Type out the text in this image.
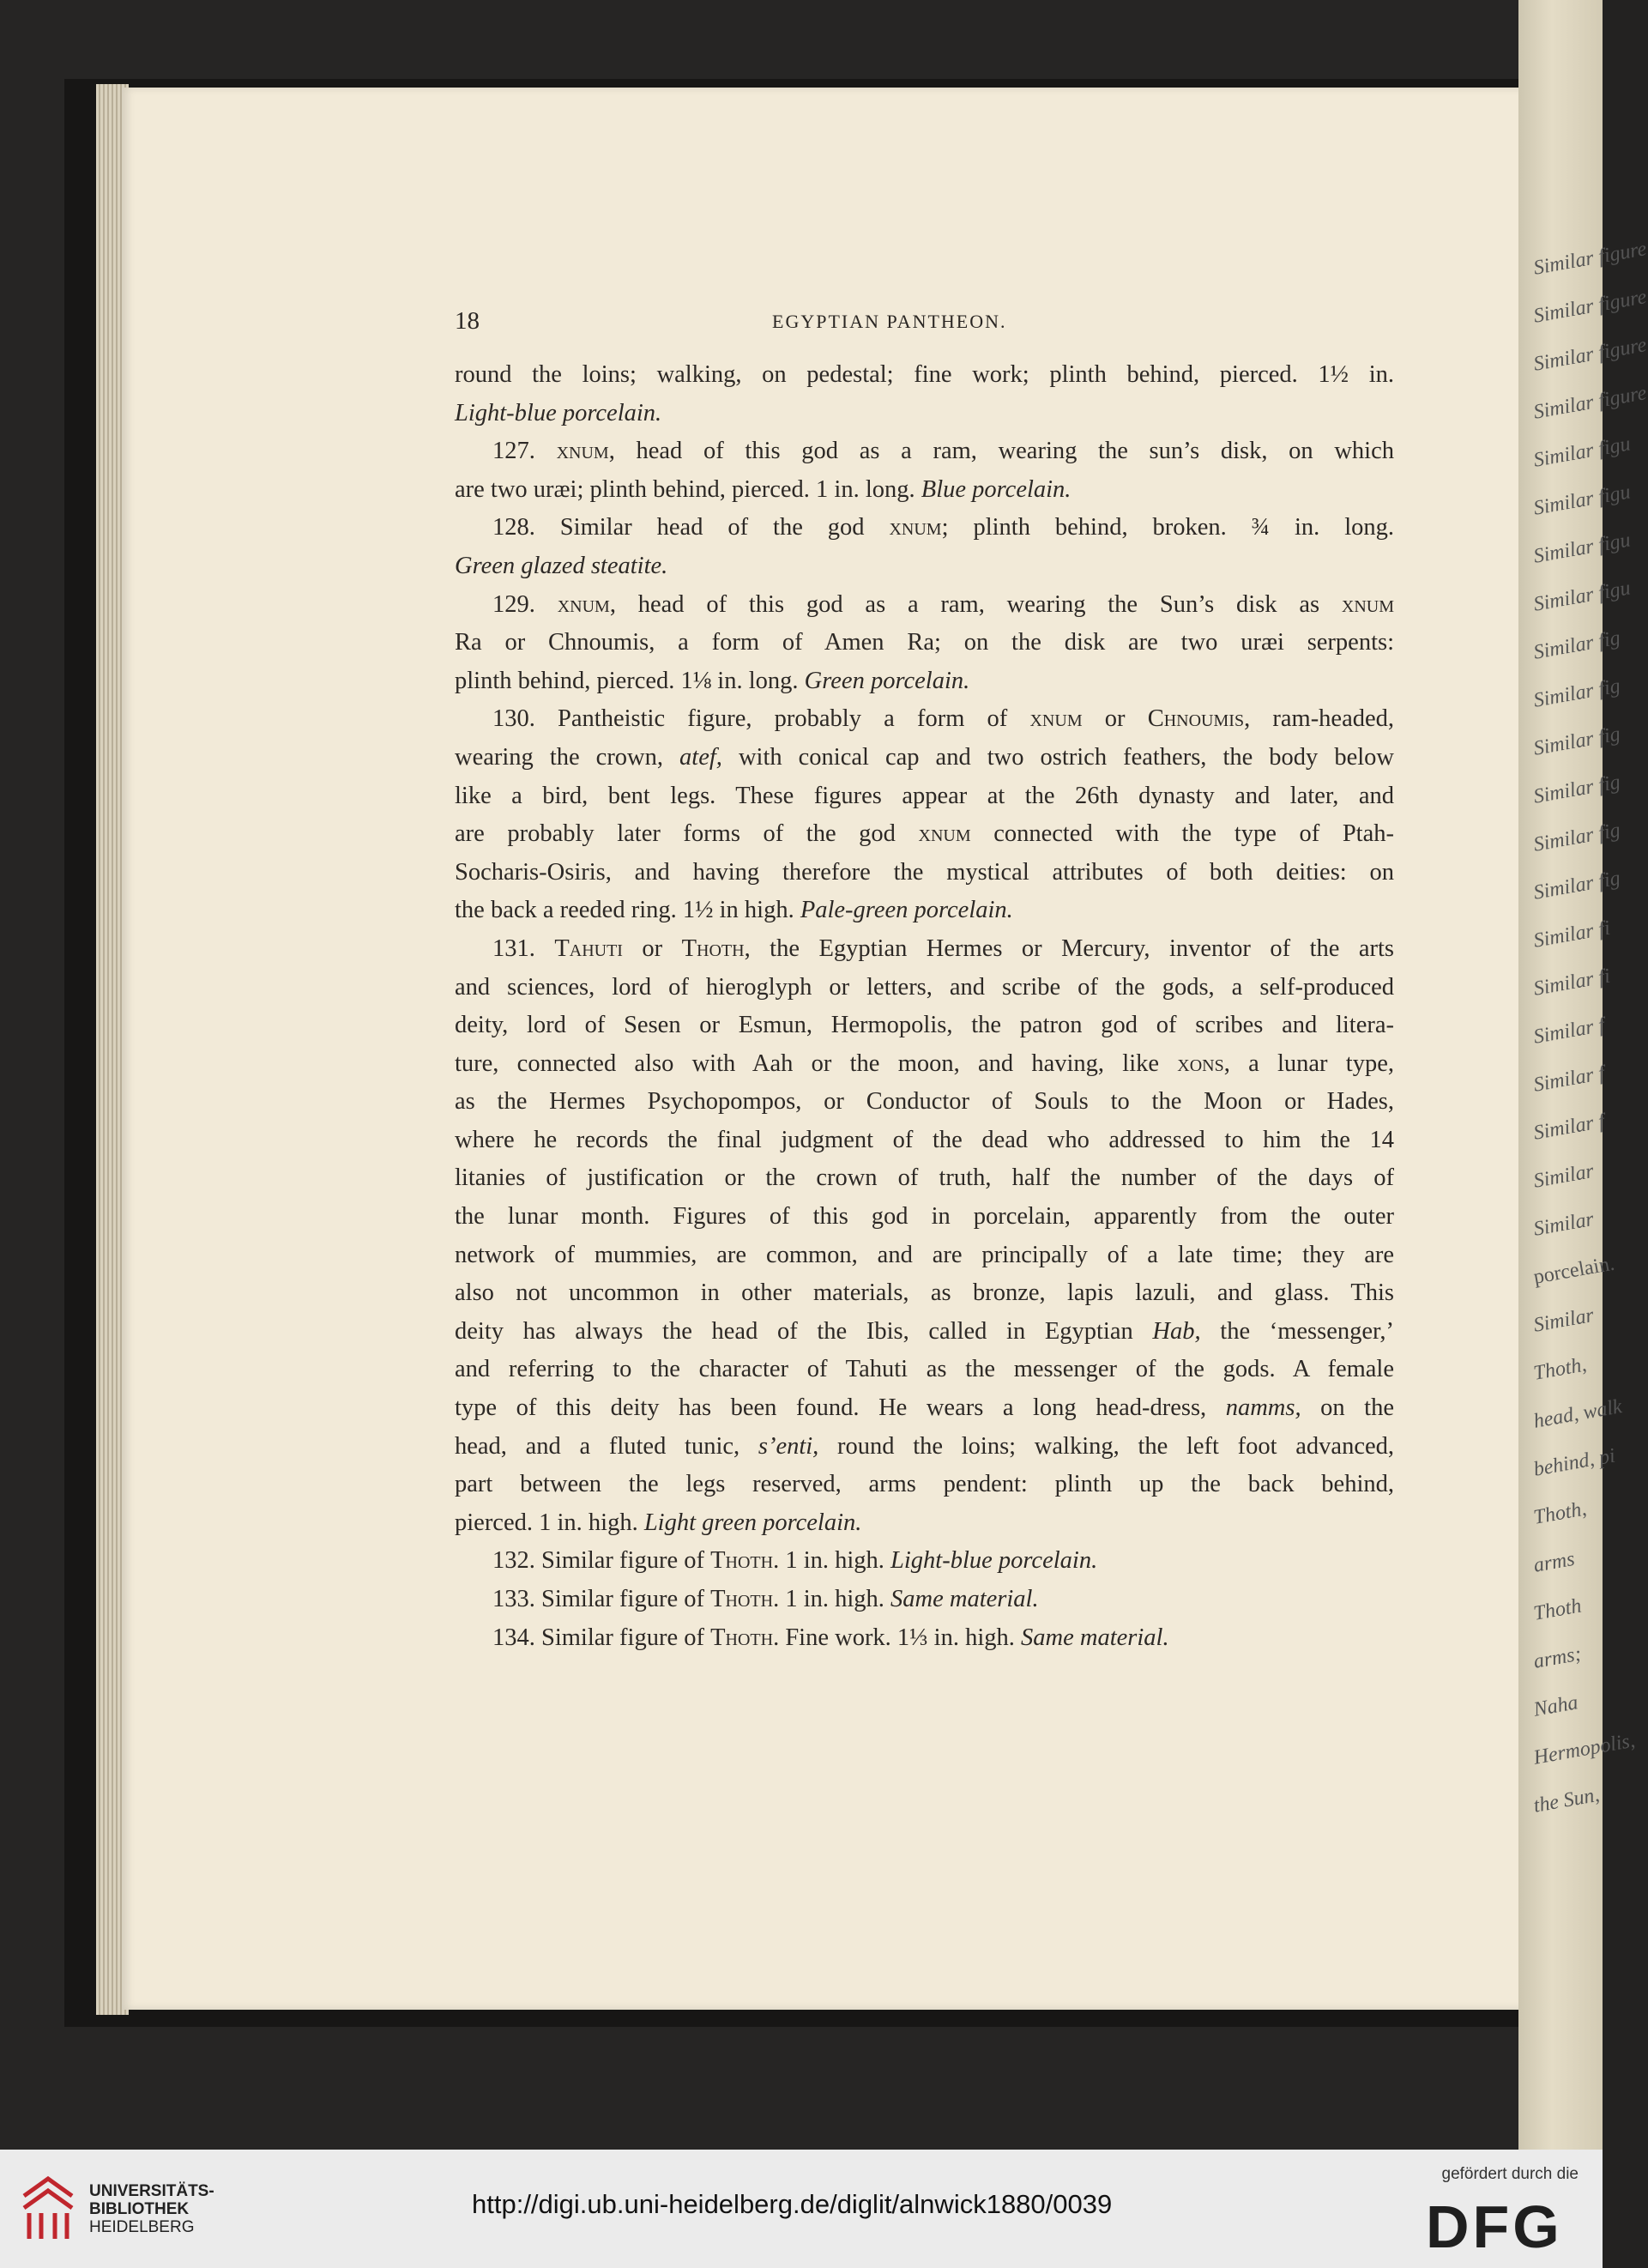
Similar figure
Similar figure
Similar figure
Similar figure
Similar figu
Similar figu
Similar figu
Similar figu
Similar fig
Similar fig
Similar fig
Similar fig
Similar fig
Similar fig
Similar fi
Similar fi
Similar f
Similar f
Similar f
Similar
Similar
porcelain.
Similar
Thoth,
head, walk
behind, pi
Thoth,
arms
Thoth
arms;
Naha
Hermopolis,
the Sun,
18	EGYPTIAN PANTHEON.
round the loins; walking, on pedestal; fine work; plinth behind, pierced. 1½ in.
Light-blue porcelain.
127. χnum, head of this god as a ram, wearing the sun’s disk, on which
are two uræi; plinth behind, pierced. 1 in. long. Blue porcelain.
128. Similar head of the god χnum; plinth behind, broken. ¾ in. long.
Green glazed steatite.
129. χnum, head of this god as a ram, wearing the Sun’s disk as χnum
Ra or Chnoumis, a form of Amen Ra; on the disk are two uræi serpents:
plinth behind, pierced. 1⅛ in. long. Green porcelain.
130. Pantheistic figure, probably a form of χnum or Chnoumis, ram-headed,
wearing the crown, atef, with conical cap and two ostrich feathers, the body below
like a bird, bent legs. These figures appear at the 26th dynasty and later, and
are probably later forms of the god χnum connected with the type of Ptah-
Socharis-Osiris, and having therefore the mystical attributes of both deities: on
the back a reeded ring. 1½ in high. Pale-green porcelain.
131. Tahuti or Thoth, the Egyptian Hermes or Mercury, inventor of the arts
and sciences, lord of hieroglyph or letters, and scribe of the gods, a self-produced
deity, lord of Sesen or Esmun, Hermopolis, the patron god of scribes and litera-
ture, connected also with Aah or the moon, and having, like χons, a lunar type,
as the Hermes Psychopompos, or Conductor of Souls to the Moon or Hades,
where he records the final judgment of the dead who addressed to him the 14
litanies of justification or the crown of truth, half the number of the days of
the lunar month. Figures of this god in porcelain, apparently from the outer
network of mummies, are common, and are principally of a late time; they are
also not uncommon in other materials, as bronze, lapis lazuli, and glass. This
deity has always the head of the Ibis, called in Egyptian Hab, the ‘messenger,’
and referring to the character of Tahuti as the messenger of the gods. A female
type of this deity has been found. He wears a long head-dress, namms, on the
head, and a fluted tunic, s’enti, round the loins; walking, the left foot advanced,
part between the legs reserved, arms pendent: plinth up the back behind,
pierced. 1 in. high. Light green porcelain.
132. Similar figure of Thoth. 1 in. high. Light-blue porcelain.
133. Similar figure of Thoth. 1 in. high. Same material.
134. Similar figure of Thoth. Fine work. 1⅓ in. high. Same material.
UNIVERSITÄTS-
BIBLIOTHEK
HEIDELBERG
http://digi.ub.uni-heidelberg.de/diglit/alnwick1880/0039
gefördert durch die
DFG
